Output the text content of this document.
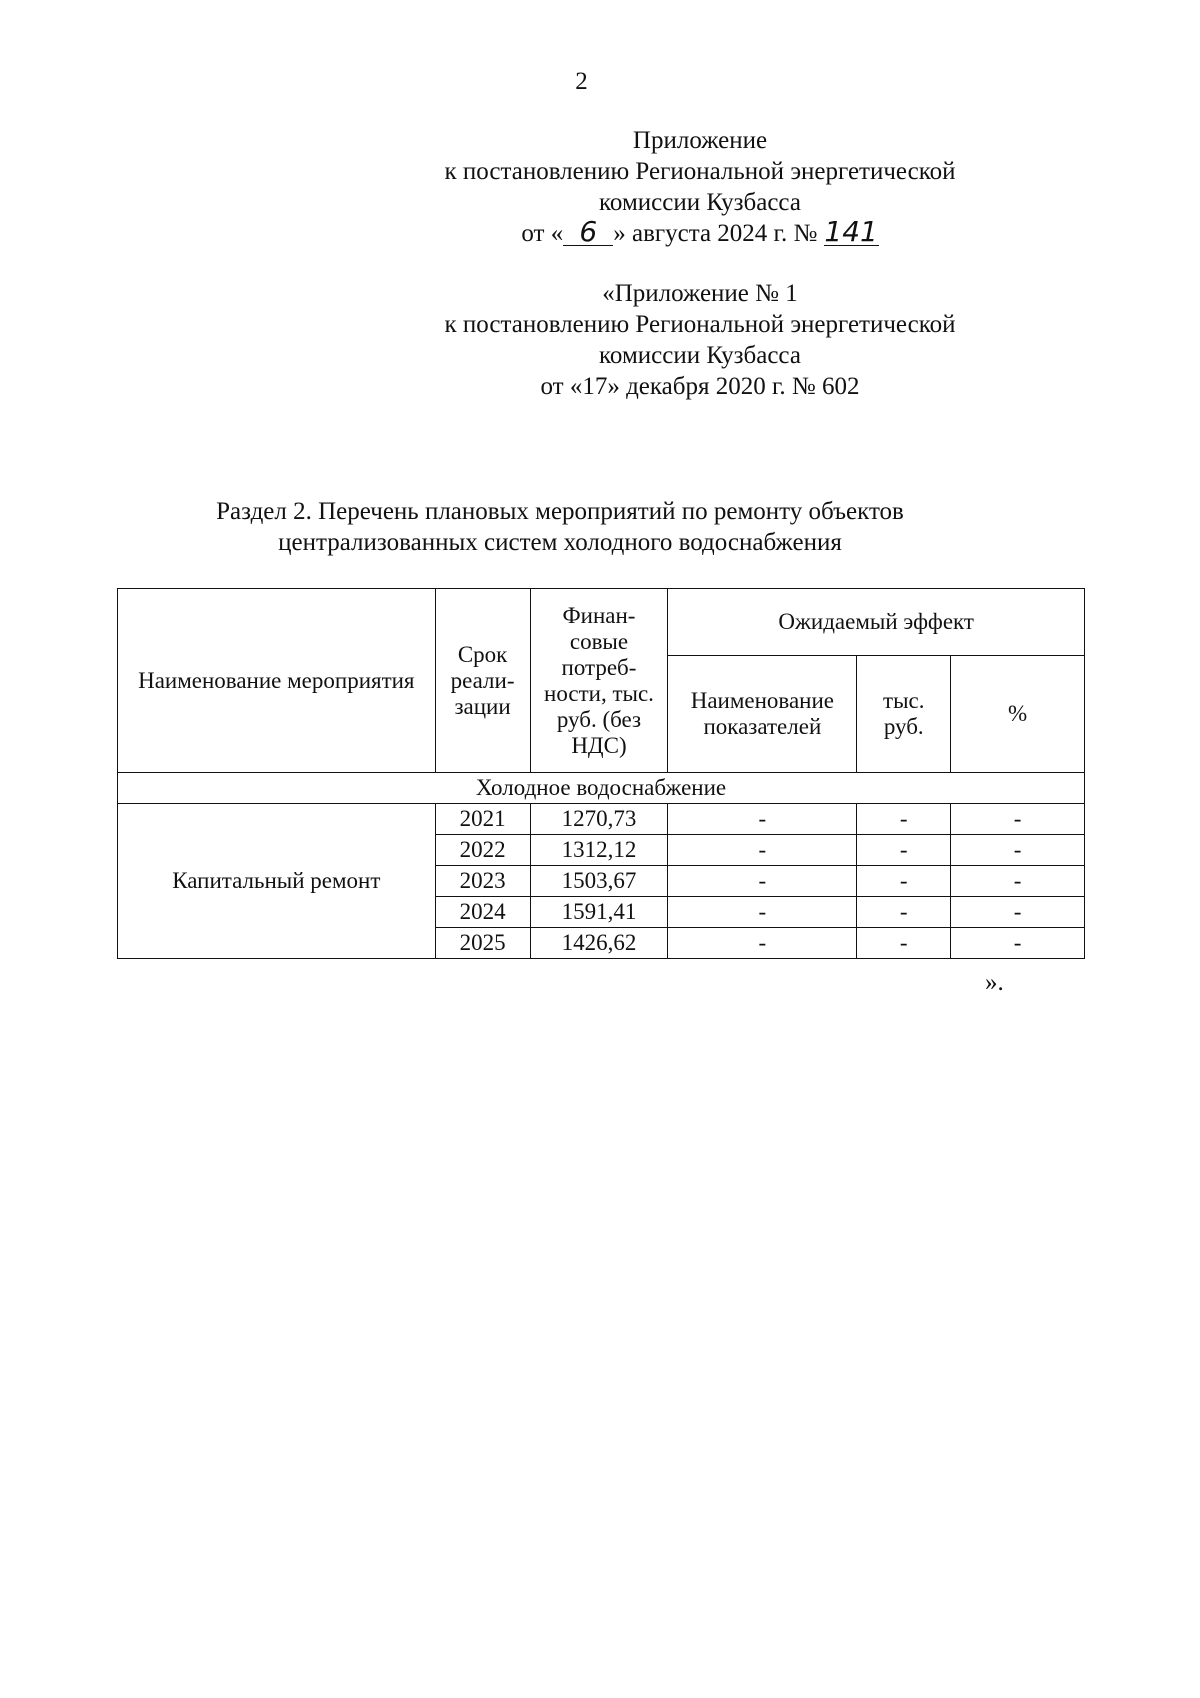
2
Приложение
к постановлению Региональной энергетической
комиссии Кузбасса
от « 6 » августа 2024 г. № 141
«Приложение № 1
к постановлению Региональной энергетической
комиссии Кузбасса
от «17» декабря 2020 г. № 602
Раздел 2. Перечень плановых мероприятий по ремонту объектов
централизованных систем холодного водоснабжения
Наименование мероприятия	Срок реали-зации	Финан-совые потреб-ности, тыс. руб. (без НДС)	Ожидаемый эффект		
			Наименование показателей	тыс. руб.	%
Холодное водоснабжение					
Капитальный ремонт	2021	1270,73	-	-	-
	2022	1312,12	-	-	-
	2023	1503,67	-	-	-
	2024	1591,41	-	-	-
	2025	1426,62	-	-	-
».
